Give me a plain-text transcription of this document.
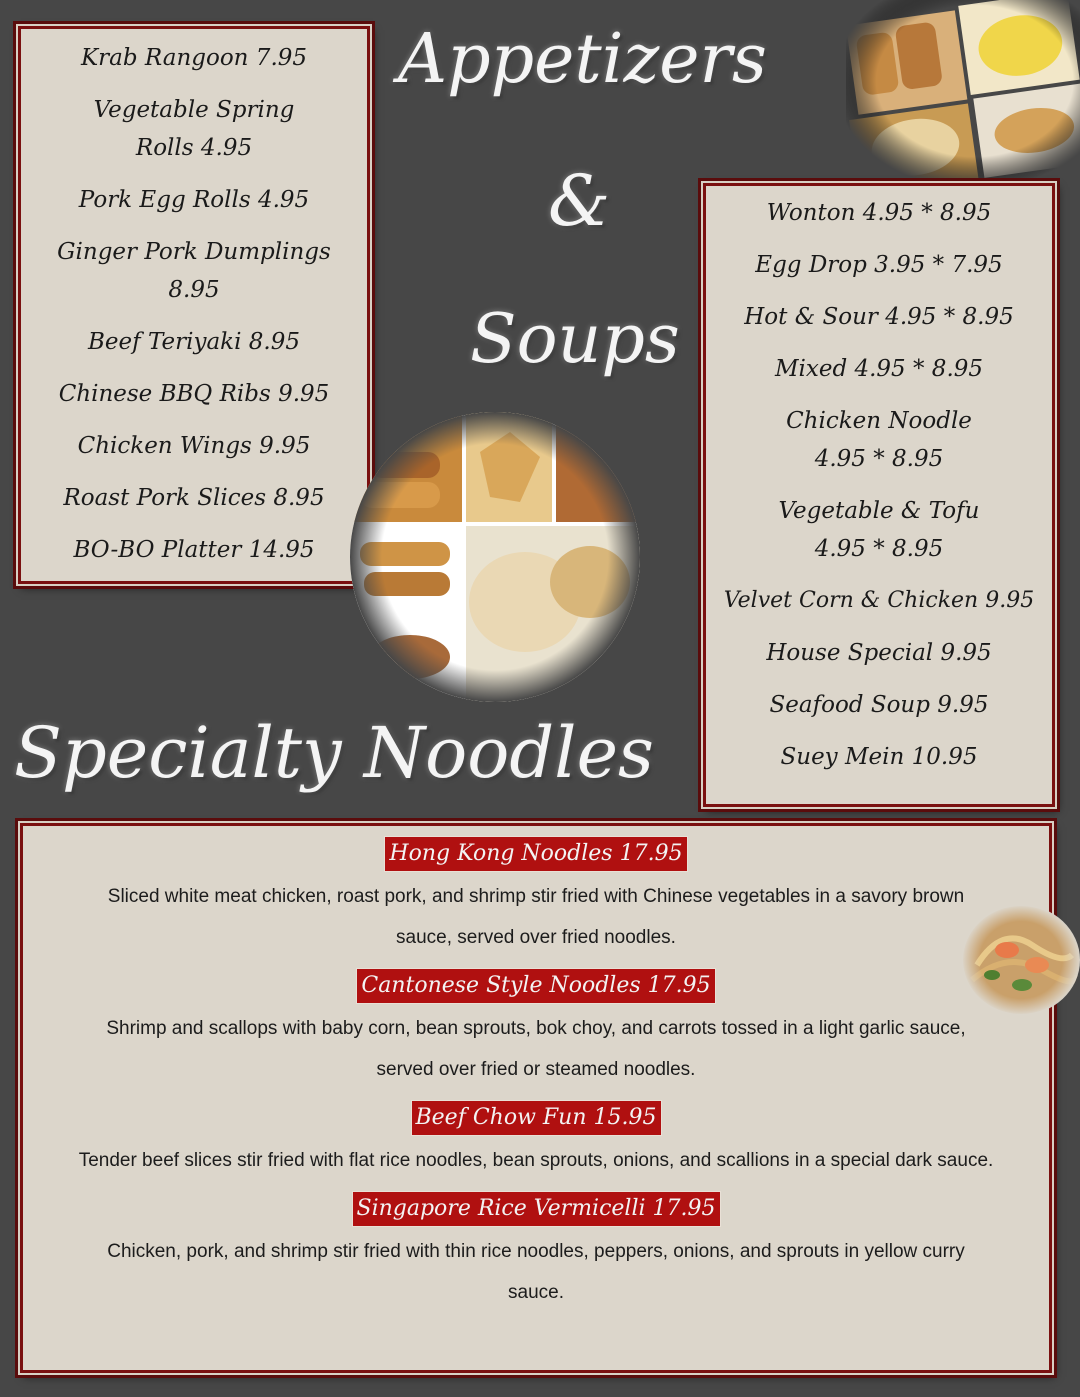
Krab Rangoon 7.95
Vegetable Spring Rolls 4.95
Pork Egg Rolls 4.95
Ginger Pork Dumplings 8.95
Beef Teriyaki 8.95
Chinese BBQ Ribs 9.95
Chicken Wings 9.95
Roast Pork Slices 8.95
BO-BO Platter 14.95
Appetizers
&
Soups
Specialty Noodles
Wonton 4.95 * 8.95
Egg Drop 3.95 * 7.95
Hot & Sour 4.95 * 8.95
Mixed 4.95 * 8.95
Chicken Noodle 4.95 * 8.95
Vegetable & Tofu 4.95 * 8.95
Velvet Corn & Chicken 9.95
House Special 9.95
Seafood Soup 9.95
Suey Mein 10.95
Hong Kong Noodles 17.95

Sliced white meat chicken, roast pork, and shrimp stir fried with Chinese vegetables in a savory brown sauce, served over fried noodles.

Cantonese Style Noodles 17.95

Shrimp and scallops with baby corn, bean sprouts, bok choy, and carrots tossed in a light garlic sauce, served over fried or steamed noodles.

Beef Chow Fun 15.95

Tender beef slices stir fried with flat rice noodles, bean sprouts, onions, and scallions in a special dark sauce.

Singapore Rice Vermicelli 17.95

Chicken, pork, and shrimp stir fried with thin rice noodles, peppers, onions, and sprouts in yellow curry sauce.
